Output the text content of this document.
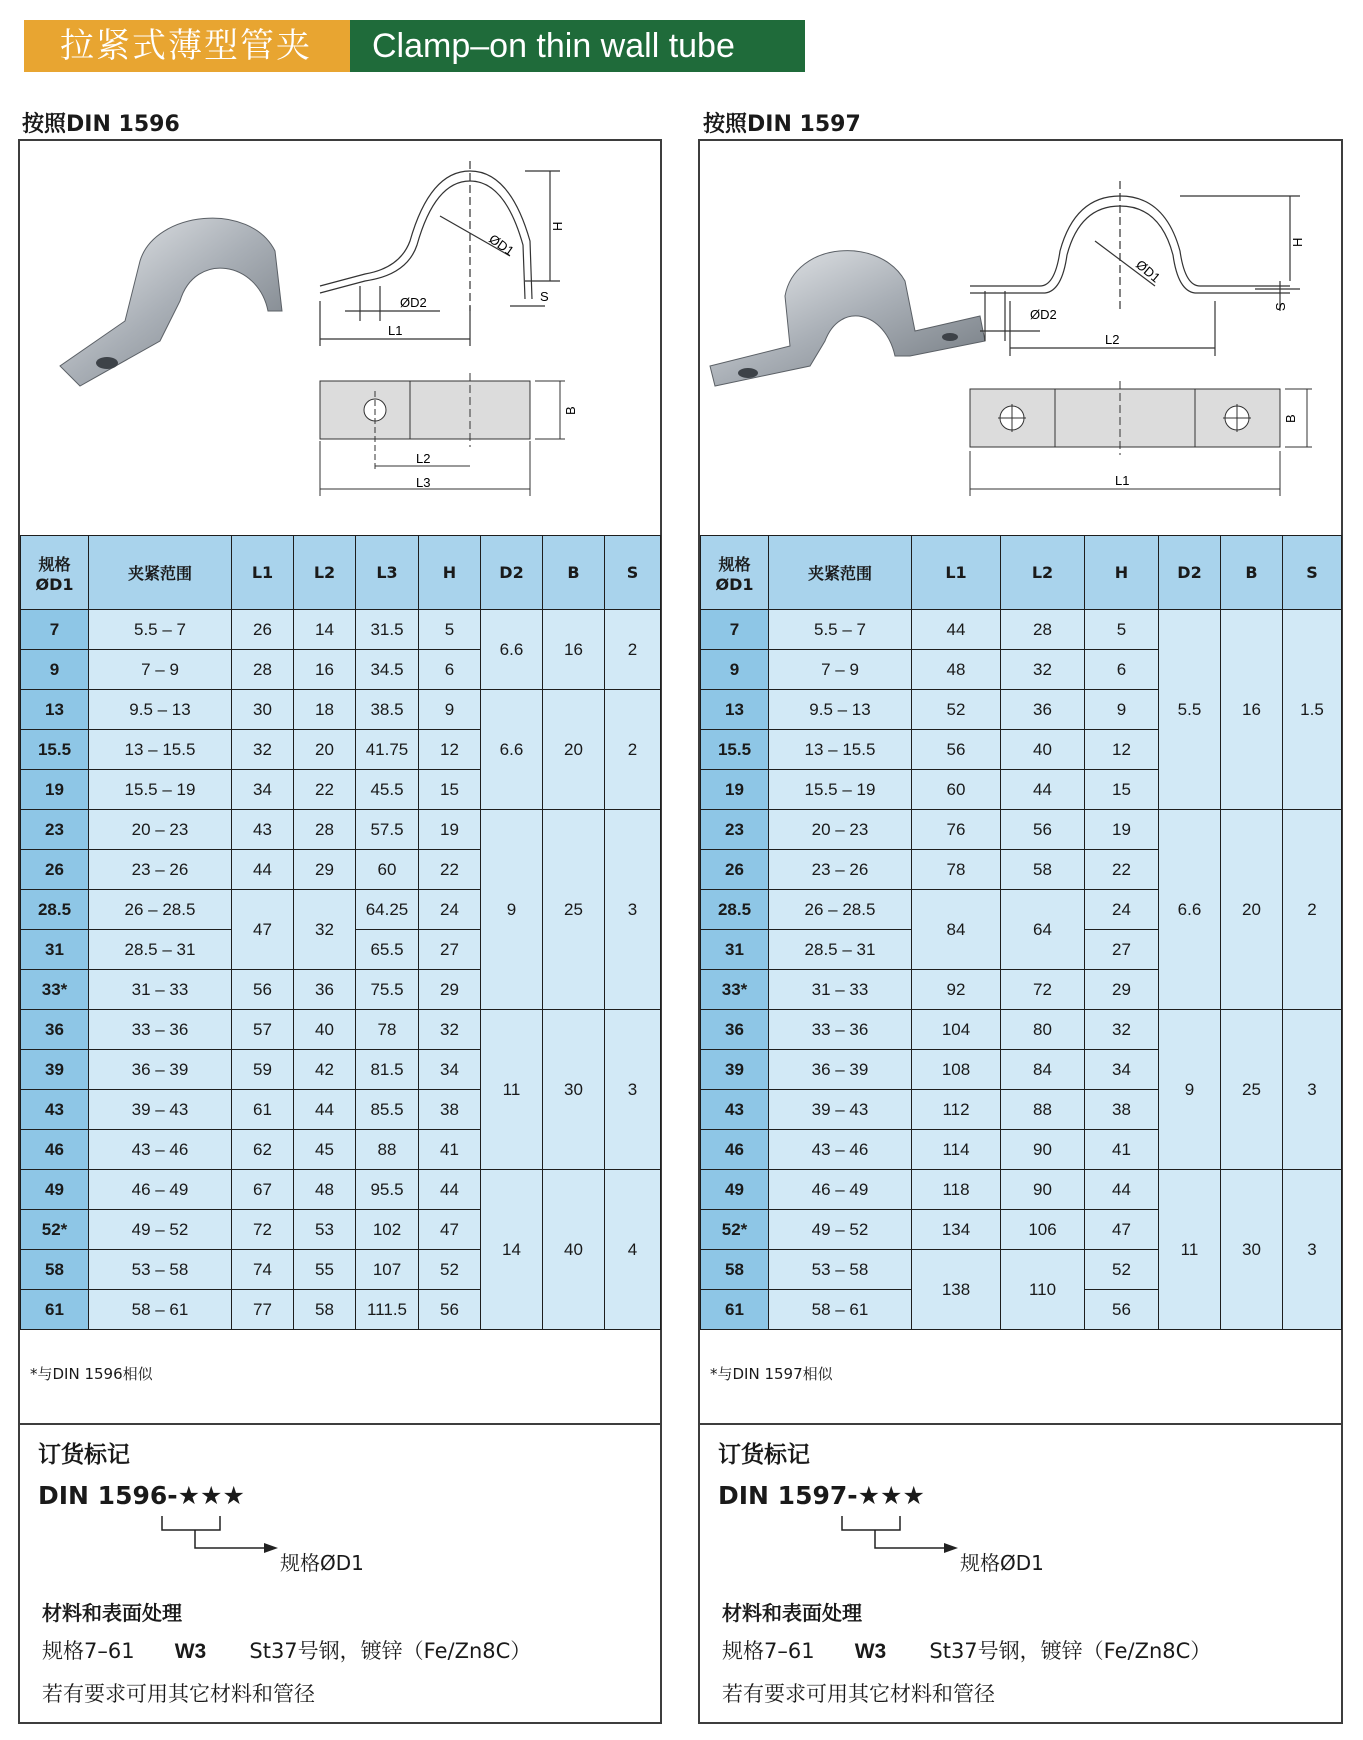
拉紧式薄型管夹	Clamp–on thin wall tube
按照DIN 1596
ØD1
H
ØD2	S
L1
L2
L3
B
规格
ØD1	夹紧范围	L1	L2	L3	H	D2	B	S
7	5.5 – 7	26	14	31.5	5	6.6	16	2
9	7 – 9	28	16	34.5	6			
13	9.5 – 13	30	18	38.5	9	6.6	20	2
15.5	13 – 15.5	32	20	41.75	12			
19	15.5 – 19	34	22	45.5	15			
23	20 – 23	43	28	57.5	19	9	25	3
26	23 – 26	44	29	60	22			
28.5	26 – 28.5	47	32	64.25	24			
31	28.5 – 31			65.5	27			
33*	31 – 33	56	36	75.5	29			
36	33 – 36	57	40	78	32	11	30	3
39	36 – 39	59	42	81.5	34			
43	39 – 43	61	44	85.5	38			
46	43 – 46	62	45	88	41			
49	46 – 49	67	48	95.5	44	14	40	4
52*	49 – 52	72	53	102	47			
58	53 – 58	74	55	107	52			
61	58 – 61	77	58	111.5	56			
*与DIN 1596相似
订货标记
DIN 1596-★★★
规格ØD1
材料和表面处理
规格7–61 W3 St37号钢，镀锌（Fe/Zn8C）
若有要求可用其它材料和管径
按照DIN 1597
ØD1
H
ØD2
S
L2
L1
B
规格
ØD1	夹紧范围	L1	L2	H	D2	B	S
7	5.5 – 7	44	28	5	5.5	16	1.5
9	7 – 9	48	32	6			
13	9.5 – 13	52	36	9			
15.5	13 – 15.5	56	40	12			
19	15.5 – 19	60	44	15			
23	20 – 23	76	56	19	6.6	20	2
26	23 – 26	78	58	22			
28.5	26 – 28.5	84	64	24			
31	28.5 – 31			27			
33*	31 – 33	92	72	29			
36	33 – 36	104	80	32	9	25	3
39	36 – 39	108	84	34			
43	39 – 43	112	88	38			
46	43 – 46	114	90	41			
49	46 – 49	118	90	44	11	30	3
52*	49 – 52	134	106	47			
58	53 – 58	138	110	52			
61	58 – 61			56			
*与DIN 1597相似
订货标记
DIN 1597-★★★
规格ØD1
材料和表面处理
规格7–61 W3 St37号钢，镀锌（Fe/Zn8C）
若有要求可用其它材料和管径
